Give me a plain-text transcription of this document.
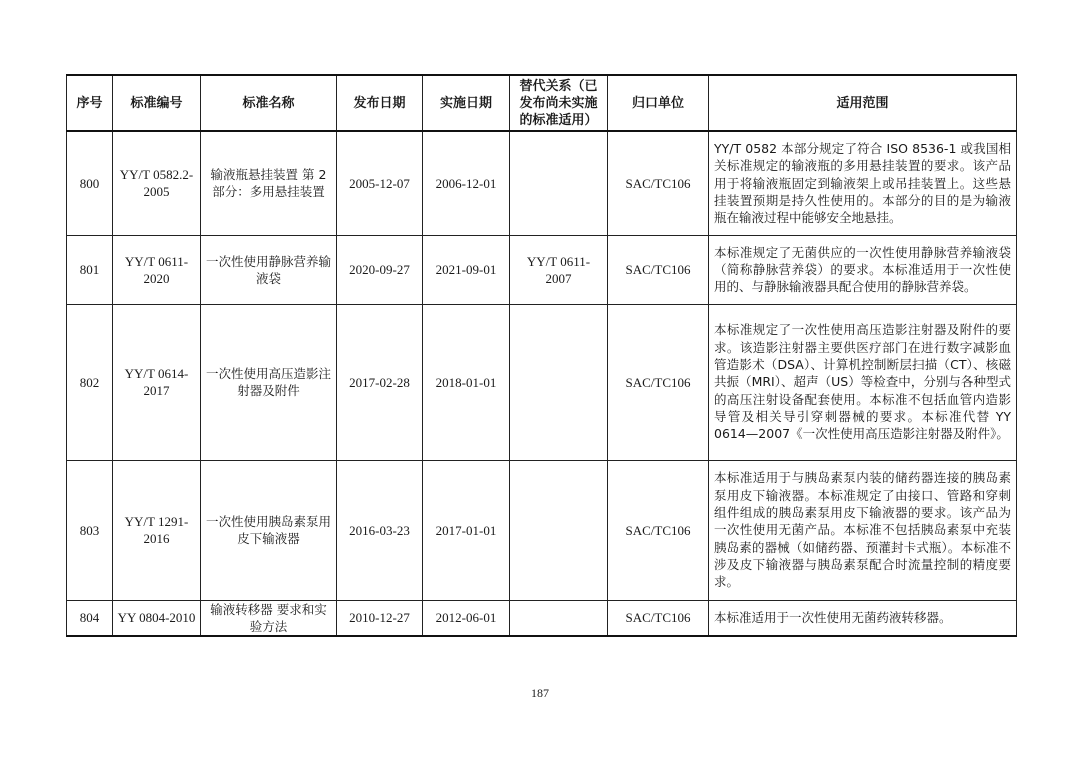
序号	标准编号	标准名称	发布日期	实施日期	替代关系（已发布尚未实施的标准适用）	归口单位	适用范围
800	YY/T 0582.2-2005	输液瓶悬挂装置 第 2 部分：多用悬挂装置	2005-12-07	2006-12-01		SAC/TC106	YY/T 0582 本部分规定了符合 ISO 8536-1 或我国相关标准规定的输液瓶的多用悬挂装置的要求。该产品用于将输液瓶固定到输液架上或吊挂装置上。这些悬挂装置预期是持久性使用的。本部分的目的是为输液瓶在输液过程中能够安全地悬挂。
801	YY/T 0611-2020	一次性使用静脉营养输液袋	2020-09-27	2021-09-01	YY/T 0611-2007	SAC/TC106	本标准规定了无菌供应的一次性使用静脉营养输液袋（简称静脉营养袋）的要求。本标准适用于一次性使用的、与静脉输液器具配合使用的静脉营养袋。
802	YY/T 0614-2017	一次性使用高压造影注射器及附件	2017-02-28	2018-01-01		SAC/TC106	本标准规定了一次性使用高压造影注射器及附件的要求。该造影注射器主要供医疗部门在进行数字减影血管造影术（DSA）、计算机控制断层扫描（CT）、核磁共振（MRI）、超声（US）等检查中，分别与各种型式的高压注射设备配套使用。本标准不包括血管内造影导管及相关导引穿刺器械的要求。本标准代替 YY 0614—2007《一次性使用高压造影注射器及附件》。
803	YY/T 1291-2016	一次性使用胰岛素泵用皮下输液器	2016-03-23	2017-01-01		SAC/TC106	本标准适用于与胰岛素泵内装的储药器连接的胰岛素泵用皮下输液器。本标准规定了由接口、管路和穿刺组件组成的胰岛素泵用皮下输液器的要求。该产品为一次性使用无菌产品。本标准不包括胰岛素泵中充装胰岛素的器械（如储药器、预灌封卡式瓶）。本标准不涉及皮下输液器与胰岛素泵配合时流量控制的精度要求。
804	YY 0804-2010	输液转移器 要求和实验方法	2010-12-27	2012-06-01		SAC/TC106	本标准适用于一次性使用无菌药液转移器。
187
